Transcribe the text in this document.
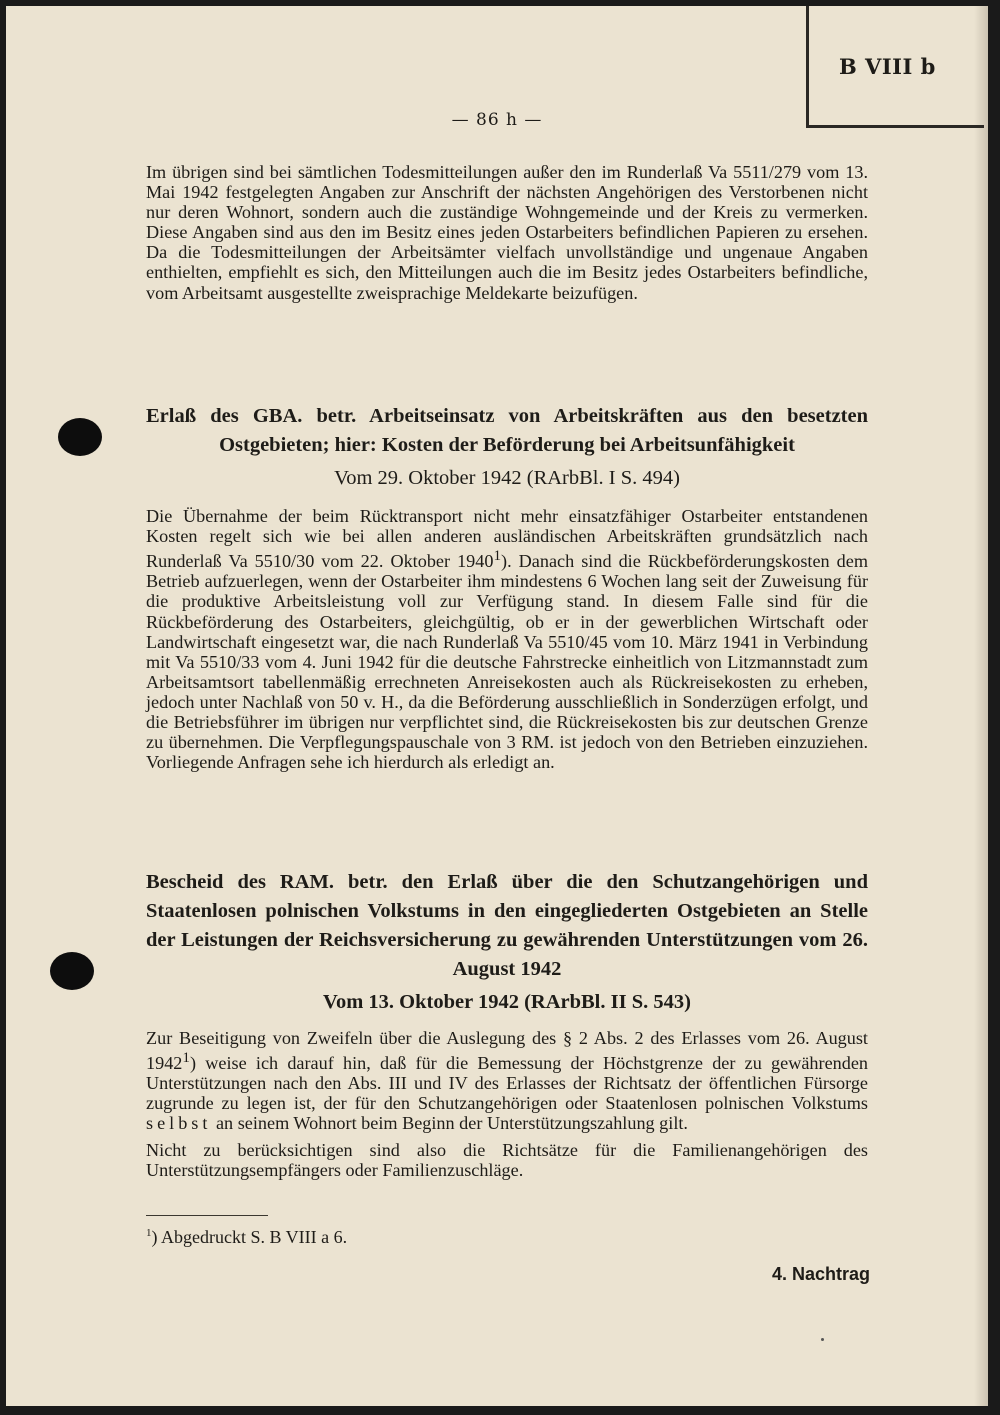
B VIII b
— 86 h —

Im übrigen sind bei sämtlichen Todesmitteilungen außer den im Runderlaß Va 5511/279 vom 13. Mai 1942 festgelegten Angaben zur Anschrift der nächsten Angehörigen des Verstorbenen nicht nur deren Wohnort, sondern auch die zuständige Wohngemeinde und der Kreis zu vermerken. Diese Angaben sind aus den im Besitz eines jeden Ostarbeiters befindlichen Papieren zu ersehen. Da die Todesmitteilungen der Arbeitsämter vielfach unvollständige und ungenaue Angaben enthielten, empfiehlt es sich, den Mitteilungen auch die im Besitz jedes Ostarbeiters befindliche, vom Arbeitsamt ausgestellte zweisprachige Meldekarte beizufügen.

Erlaß des GBA. betr. Arbeitseinsatz von Arbeitskräften aus den besetzten Ostgebieten; hier: Kosten der Beförderung bei Arbeitsunfähigkeit
Vom 29. Oktober 1942 (RArbBl. I S. 494)

Die Übernahme der beim Rücktransport nicht mehr einsatzfähiger Ostarbeiter entstandenen Kosten regelt sich wie bei allen anderen ausländischen Arbeitskräften grundsätzlich nach Runderlaß Va 5510/30 vom 22. Oktober 1940$^1$). Danach sind die Rückbeförderungskosten dem Betrieb aufzuerlegen, wenn der Ostarbeiter ihm mindestens 6 Wochen lang seit der Zuweisung für die produktive Arbeitsleistung voll zur Verfügung stand. In diesem Falle sind für die Rückbeförderung des Ostarbeiters, gleichgültig, ob er in der gewerblichen Wirtschaft oder Landwirtschaft eingesetzt war, die nach Runderlaß Va 5510/45 vom 10. März 1941 in Verbindung mit Va 5510/33 vom 4. Juni 1942 für die deutsche Fahrstrecke einheitlich von Litzmannstadt zum Arbeitsamtsort tabellenmäßig errechneten Anreisekosten auch als Rückreisekosten zu erheben, jedoch unter Nachlaß von 50 v. H., da die Beförderung ausschließlich in Sonderzügen erfolgt, und die Betriebsführer im übrigen nur verpflichtet sind, die Rückreisekosten bis zur deutschen Grenze zu übernehmen. Die Verpflegungspauschale von 3 RM. ist jedoch von den Betrieben einzuziehen. Vorliegende Anfragen sehe ich hierdurch als erledigt an.

Bescheid des RAM. betr. den Erlaß über die den Schutzangehörigen und Staatenlosen polnischen Volkstums in den eingegliederten Ostgebieten an Stelle der Leistungen der Reichsversicherung zu gewährenden Unterstützungen vom 26. August 1942
Vom 13. Oktober 1942 (RArbBl. II S. 543)

Zur Beseitigung von Zweifeln über die Auslegung des § 2 Abs. 2 des Erlasses vom 26. August 1942$^1$) weise ich darauf hin, daß für die Bemessung der Höchstgrenze der zu gewährenden Unterstützungen nach den Abs. III und IV des Erlasses der Richtsatz der öffentlichen Fürsorge zugrunde zu legen ist, der für den Schutzangehörigen oder Staatenlosen polnischen Volkstums selbst an seinem Wohnort beim Beginn der Unterstützungszahlung gilt.

Nicht zu berücksichtigen sind also die Richtsätze für die Familienangehörigen des Unterstützungsempfängers oder Familienzuschläge.

$^1$) Abgedruckt S. B VIII a 6.
4. Nachtrag
